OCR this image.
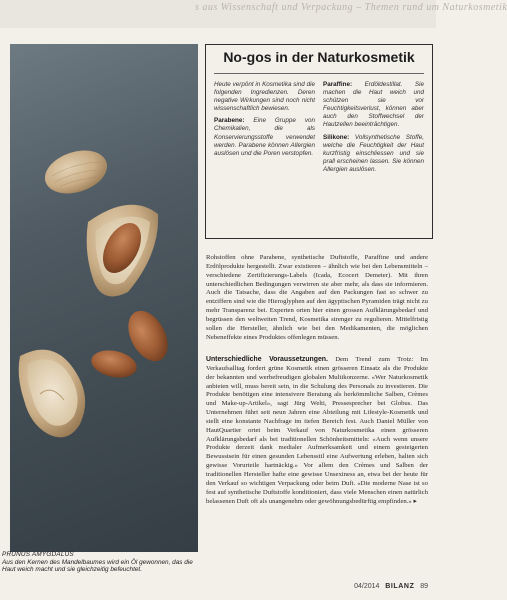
s aus Wissenschaft und Verpackung – Themen rund um Naturkosmetik
PRUNUS AMYGDALUS
Aus den Kernen des Mandelbaumes wird ein Öl gewonnen, das die Haut weich macht und sie gleichzeitig befeuchtet.
No-gos in der Naturkosmetik

Heute verpönt in Kosmetika sind die folgenden Ingredienzen. Deren negative Wirkungen sind noch nicht wissenschaftlich bewiesen.

Parabene: Eine Gruppe von Chemikalien, die als Konservierungsstoffe verwendet werden. Parabene können Allergien auslösen und die Poren verstopfen.

Paraffine: Erdöldestillat. Sie machen die Haut weich und schützen sie vor Feuchtigkeitsverlust, können aber auch den Stoffwechsel der Hautzellen beeinträchtigen.

Silikone: Vollsynthetische Stoffe, welche die Feuchtigkeit der Haut kurzfristig einschliessen und sie prall erscheinen lassen. Sie können Allergien auslösen.

Rohstoffen ohne Parabene, synthetische Duftstoffe, Paraffine und andere Erdölprodukte hergestellt. Zwar existieren – ähnlich wie bei den Lebensmitteln – verschiedene Zertifizierungs-Labels (Icada, Ecocert Demeter). Mit ihren unterschiedlichen Bedingungen verwirren sie aber mehr, als dass sie informieren. Auch die Tatsache, dass die Angaben auf den Packungen fast so schwer zu entziffern sind wie die Hieroglyphen auf den ägyptischen Pyramiden trägt nicht zu mehr Transparenz bei. Experten orten hier einen grossen Aufklärungsbedarf und begrüssen den weltweiten Trend, Kosmetika strenger zu regulieren. Mittelfristig sollen die Hersteller, ähnlich wie bei den Medikamenten, die möglichen Nebeneffekte eines Produktes offenlegen müssen.

Unterschiedliche Voraussetzungen. Dem Trend zum Trotz: Im Verkaufsalltag fordert grüne Kosmetik einen grösseren Einsatz als die Produkte der bekannten und werbefreudigen globalen Multikonzerne. «Wer Naturkosmetik anbieten will, muss bereit sein, in die Schulung des Personals zu investieren. Die Produkte benötigen eine intensivere Beratung als herkömmliche Salben, Crèmes und Make-up-Artikel», sagt Jürg Welti, Pressesprecher bei Globus. Das Unternehmen führt seit neun Jahren eine Abteilung mit Lifestyle-Kosmetik und stellt eine konstante Nachfrage im tiefen Bereich fest. Auch Daniel Müller von HautQuartier ortet beim Verkauf von Naturkosmetika einen grösseren Aufklärungsbedarf als bei traditionellen Schönheitsmitteln: «Auch wenn unsere Produkte derzeit dank medialer Aufmerksamkeit und einem gesteigerten Bewusstsein für einen gesunden Lebensstil eine Aufwertung erleben, halten sich gewisse Vorurteile hartnäckig.» Vor allem den Crèmes und Salben der traditionellen Hersteller hafte eine gewisse Unsexiness an, etwa bei der heute für den Verkauf so wichtigen Verpackung oder beim Duft. «Die moderne Nase ist so fest auf synthetische Duftstoffe konditioniert, dass viele Menschen einen natürlich belassenen Duft oft als unangenehm oder gewöhnungsbedürftig empfinden.» ▸

04/2014 BILANZ 89
